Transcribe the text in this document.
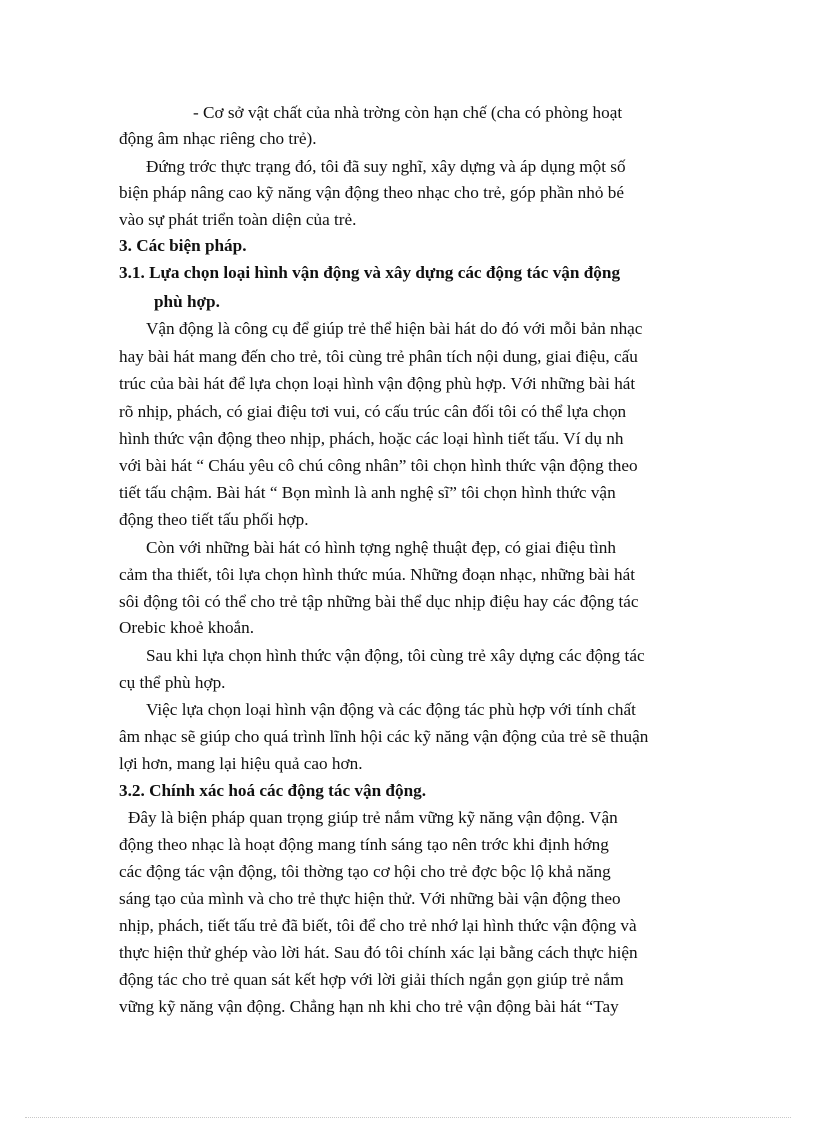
- Cơ sở vật chất của nhà trờng còn hạn chế (cha có phòng hoạt

động âm nhạc riêng cho trẻ).

Đứng trớc thực trạng đó, tôi đã suy nghĩ, xây dựng và áp dụng một số

biện pháp nâng cao kỹ năng vận động theo nhạc cho trẻ, góp phần nhỏ bé

vào sự phát triển toàn diện của trẻ.

3. Các biện pháp.

3.1. Lựa chọn loại hình vận động và xây dựng các động tác vận động

phù hợp.

Vận động là công cụ để giúp trẻ thể hiện bài hát do đó với mỗi bản nhạc

hay bài hát mang đến cho trẻ, tôi cùng trẻ phân tích nội dung, giai điệu, cấu

trúc của bài hát để lựa chọn loại hình vận động phù hợp. Với những bài hát

rõ nhịp, phách, có giai điệu tơi vui, có cấu trúc cân đối tôi có thể lựa chọn

hình thức vận động theo nhịp, phách, hoặc các loại hình tiết tấu. Ví dụ nh

với bài hát “ Cháu yêu cô chú công nhân” tôi chọn hình thức vận động theo

tiết tấu chậm. Bài hát “ Bọn mình là anh nghệ sĩ” tôi chọn hình thức vận

động theo tiết tấu phối hợp.

Còn với những bài hát có hình tợng nghệ thuật đẹp, có giai điệu tình

cảm tha thiết, tôi lựa chọn hình thức múa. Những đoạn nhạc, những bài hát

sôi động tôi có thể cho trẻ tập những bài thể dục nhịp điệu hay các động tác

Orebic khoẻ khoắn.

Sau khi lựa chọn hình thức vận động, tôi cùng trẻ xây dựng các động tác

cụ thể phù hợp.

Việc lựa chọn loại hình vận động và các động tác phù hợp với tính chất

âm nhạc sẽ giúp cho quá trình lĩnh hội các kỹ năng vận động của trẻ sẽ thuận

lợi hơn, mang lại hiệu quả cao hơn.

3.2. Chính xác hoá các động tác vận động.

Đây là biện pháp quan trọng giúp trẻ nắm vững kỹ năng vận động. Vận

động theo nhạc là hoạt động mang tính sáng tạo nên trớc khi định hớng

các động tác vận động, tôi thờng tạo cơ hội cho trẻ đợc bộc lộ khả năng

sáng tạo của mình và cho trẻ thực hiện thử. Với những bài vận động theo

nhịp, phách, tiết tấu trẻ đã biết, tôi để cho trẻ nhớ lại hình thức vận động và

thực hiện thử ghép vào lời hát. Sau đó tôi chính xác lại bằng cách thực hiện

động tác cho trẻ quan sát kết hợp với lời giải thích ngắn gọn giúp trẻ nắm

vững kỹ năng vận động. Chẳng hạn nh khi cho trẻ vận động bài hát “Tay
